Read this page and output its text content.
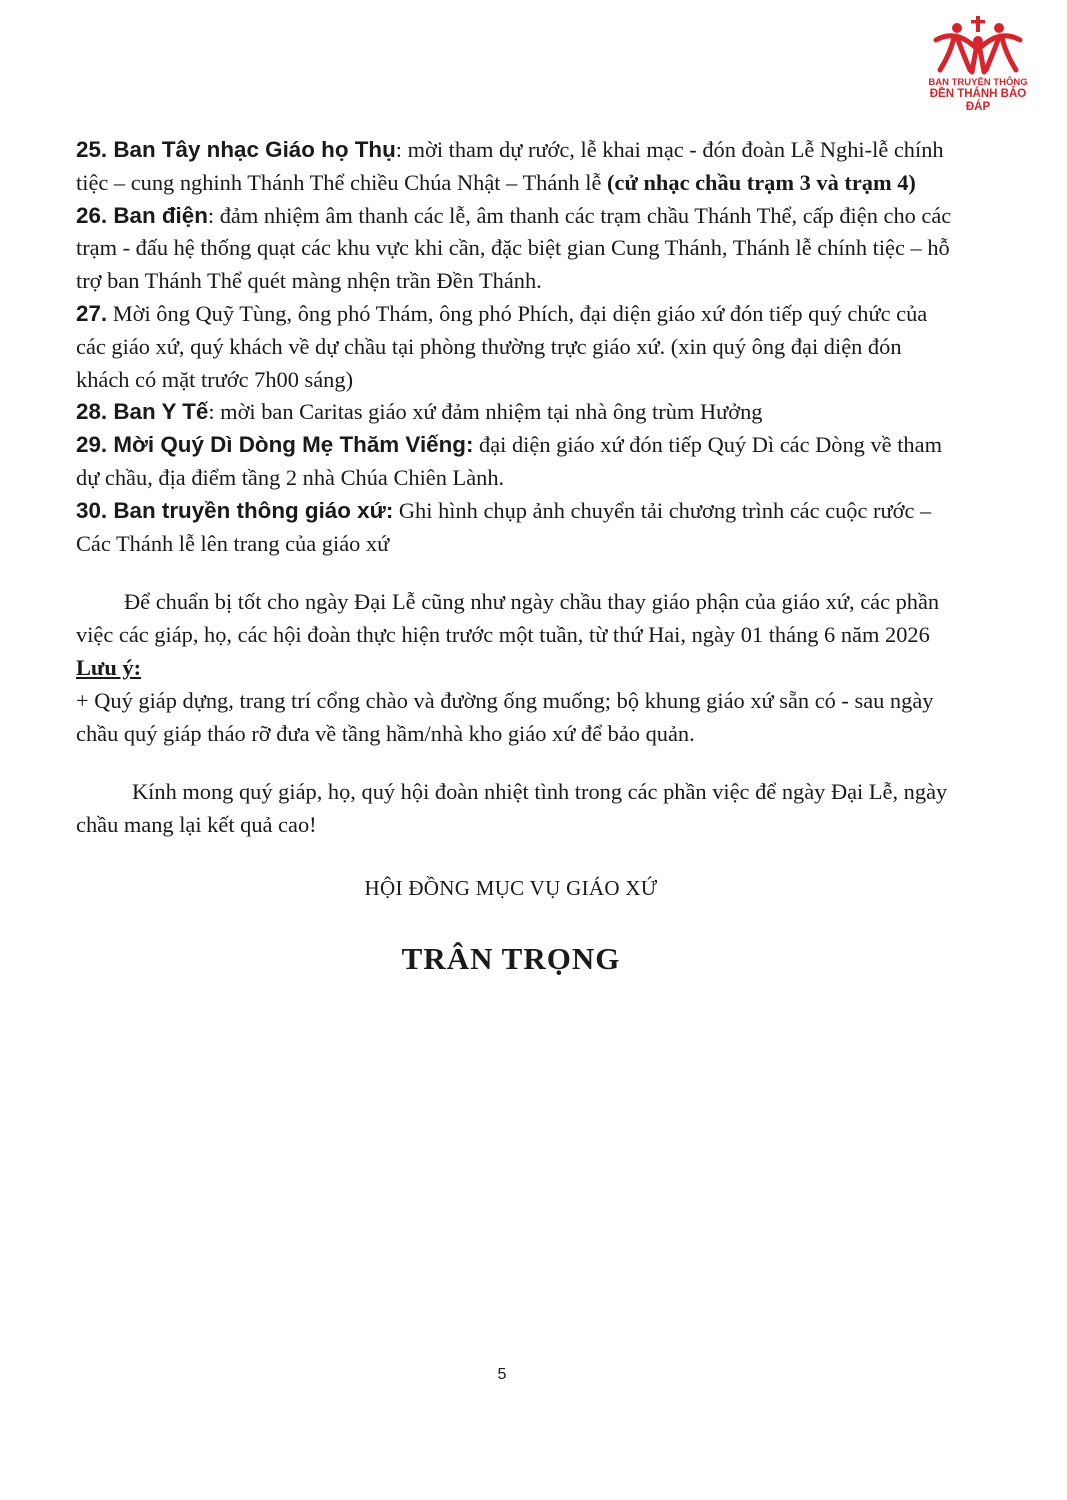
BAN TRUYỀN THÔNG
ĐỀN THÁNH BẢO ĐÁP

25. Ban Tây nhạc Giáo họ Thụ: mời tham dự rước, lễ khai mạc - đón đoàn Lễ Nghi-lễ chính tiệc – cung nghinh Thánh Thể chiều Chúa Nhật – Thánh lễ (cử nhạc chầu trạm 3 và trạm 4)

26. Ban điện: đảm nhiệm âm thanh các lễ, âm thanh các trạm chầu Thánh Thể, cấp điện cho các trạm - đấu hệ thống quạt các khu vực khi cần, đặc biệt gian Cung Thánh, Thánh lễ chính tiệc – hỗ trợ ban Thánh Thể quét màng nhện trần Đền Thánh.

27. Mời ông Quỹ Tùng, ông phó Thám, ông phó Phích, đại diện giáo xứ đón tiếp quý chức của các giáo xứ, quý khách về dự chầu tại phòng thường trực giáo xứ. (xin quý ông đại diện đón khách có mặt trước 7h00 sáng)

28. Ban Y Tế: mời ban Caritas giáo xứ đảm nhiệm tại nhà ông trùm Hưởng

29. Mời Quý Dì Dòng Mẹ Thăm Viếng: đại diện giáo xứ đón tiếp Quý Dì các Dòng về tham dự chầu, địa điểm tầng 2 nhà Chúa Chiên Lành.

30. Ban truyền thông giáo xứ: Ghi hình chụp ảnh chuyển tải chương trình các cuộc rước – Các Thánh lễ lên trang của giáo xứ

Để chuẩn bị tốt cho ngày Đại Lễ cũng như ngày chầu thay giáo phận của giáo xứ, các phần việc các giáp, họ, các hội đoàn thực hiện trước một tuần, từ thứ Hai, ngày 01 tháng 6 năm 2026

Lưu ý:

+ Quý giáp dựng, trang trí cổng chào và đường ống muống; bộ khung giáo xứ sẵn có - sau ngày chầu quý giáp tháo rỡ đưa về tầng hầm/nhà kho giáo xứ để bảo quản.

Kính mong quý giáp, họ, quý hội đoàn nhiệt tình trong các phần việc để ngày Đại Lễ, ngày chầu mang lại kết quả cao!

HỘI ĐỒNG MỤC VỤ GIÁO XỨ

TRÂN TRỌNG

5
